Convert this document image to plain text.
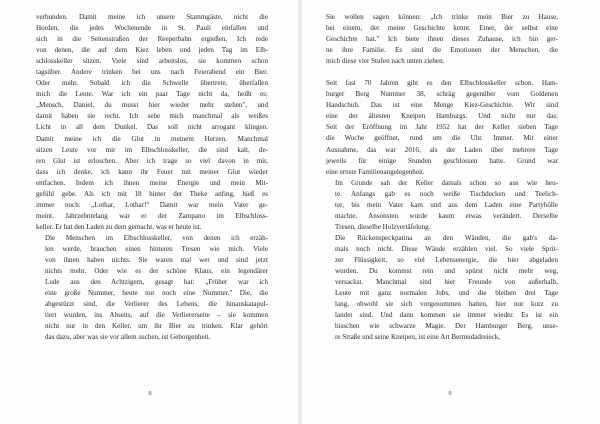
verbunden. Damit meine ich unsere Stammgäste, nicht die
Horden, die jedes Wochenende in St. Pauli einfallen und
sich in die Seitenstraßen der Reeperbahn ergießen. Ich rede
von denen, die auf dem Kiez leben und jeden Tag im Elb-
schlosskeller sitzen. Viele sind arbeitslos, sie kommen schon
tagsüber. Andere trinken bei uns nach Feierabend ein Bier.
Oder mehr. Sobald ich die Schwelle übertrete, überfallen
mich die Leute. War ich ein paar Tage nicht da, heißt es:
„Mensch, Daniel, du musst hier wieder mehr stehen", und
damit haben sie recht. Ich sehe mich manchmal als weißes
Licht in all dem Dunkel. Das soll nicht arrogant klingen.
Damit meine ich die Glut in meinem Herzen. Manchmal
sitzen Leute vor mir im Elbschlosskeller, die sind kalt, de-
ren Glut ist erloschen. Aber ich trage so viel davon in mir,
dass ich denke, ich kann ihr Feuer mit meiner Glut wieder
entfachen. Indem ich ihnen meine Energie und mein Mit-
gefühl gebe. Als ich mit 18 hinter der Theke anfing, hieß es
immer noch: „Lothar, Lothar!" Damit war mein Vater ge-
meint. Jahrzehntelang war er der Zampano im Elbschloss-
keller. Er hat den Laden zu dem gemacht, was er heute ist.
Die Menschen im Elbschlosskeller, von denen ich erzäh-
len werde, brauchen einen hinteren Tresen wie mich. Viele
von ihnen haben nichts. Sie waren mal wer und sind jetzt
nichts mehr. Oder wie es der schöne Klaus, ein legendärer
Lude aus den Achtzigern, gesagt hat: „Früher war ich
eine große Nummer, heute nur noch eine Nummer." Die, die
abgestürzt sind, die Verlierer des Lebens, die hinauskatapul-
tiert wurden, ins Abseits, auf die Verliererseite – sie kommen
nicht nur in den Keller, um ihr Bier zu trinken. Klar gehört
das dazu, aber was sie vor allem suchen, ist Geborgenheit.
Sie wollen sagen können: „Ich trinke mein Bier zu Hause,
bei einem, der meine Geschichte kennt. Einer, der selbst eine
Geschichte hat." Ich biete ihnen dieses Zuhause, ich bin ger-
ne ihre Familie. Es sind die Emotionen der Menschen, die
mich diese vier Stufen nach unten ziehen.
Seit fast 70 Jahren gibt es den Elbschlosskeller schon. Ham-
burger Berg Nummer 38, schräg gegenüber vom Goldenen
Handschuh. Das ist eine Menge Kiez-Geschichte. Wir sind
eine der ältesten Kneipen Hamburgs. Und nicht nur das:
Seit der Eröffnung im Jahr 1952 hat der Keller sieben Tage
die Woche geöffnet, rund um die Uhr. Immer. Mit einer
Ausnahme, das war 2016, als der Laden über mehrere Tage
jeweils für einige Stunden geschlossen hatte. Grund war
eine ernste Familienangelegenheit.
Im Grunde sah der Keller damals schon so aus wie heu-
te. Anfangs gab es noch weiße Tischdecken und Teelich-
ter, bis mein Vater kam und aus dem Laden eine Partyhölle
machte. Ansonsten wurde kaum etwas verändert. Derselbe
Tresen, dieselbe Holzvertäfelung.
Die Rückenspeckpatina an den Wänden, die gab's da-
mals noch nicht. Diese Wände erzählen viel. So viele Sprit-
zer Flüssigkeit, so viel Lebensenergie, die hier abgeladen
wurden. Du kommst rein und spürst nicht mehr weg,
versackst. Manchmal sind hier Freunde von außerhalb,
Leute mit ganz normalen Jobs, und die bleiben drei Tage
lang, obwohl sie sich vorgenommen hatten, hier nur kurz zu
landet sind. Und dann kommen sie immer wieder. Es ist ein
bisschen wie schwarze Magie. Der Hamburger Berg, unse-
re Straße und seine Kneipen, ist eine Art Bermudadreieck,
8	9
